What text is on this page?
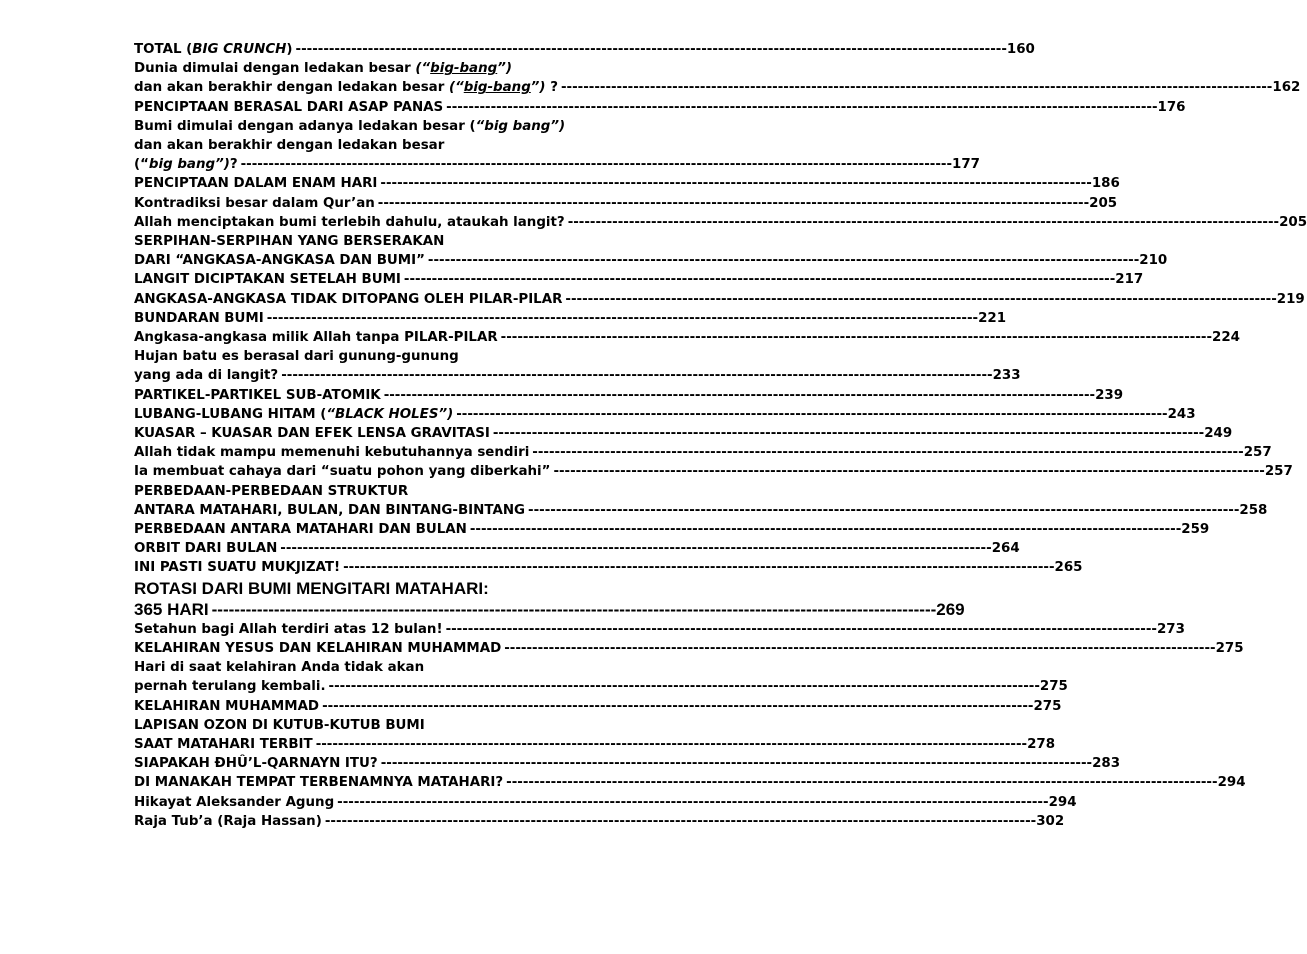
TOTAL (BIG CRUNCH) -----	160
Dunia dimulai dengan ledakan besar (“big-bang”)
dan akan berakhir dengan ledakan besar (“big-bang”) ? -----	162
PENCIPTAAN BERASAL DARI ASAP PANAS -----	176
Bumi dimulai dengan adanya ledakan besar (“big bang”)
dan akan berakhir dengan ledakan besar
(“big bang”)? -----	177
PENCIPTAAN DALAM ENAM HARI -----	186
Kontradiksi besar dalam Qur’an -----	205
Allah menciptakan bumi terlebih dahulu, ataukah langit? -----	205
SERPIHAN-SERPIHAN YANG BERSERAKAN
DARI “ANGKASA-ANGKASA DAN BUMI” -----	210
LANGIT DICIPTAKAN SETELAH BUMI -----	217
ANGKASA-ANGKASA TIDAK DITOPANG OLEH PILAR-PILAR -----	219
BUNDARAN BUMI -----	221
Angkasa-angkasa milik Allah tanpa PILAR-PILAR -----	224
Hujan batu es berasal dari gunung-gunung
yang ada di langit? -----	233
PARTIKEL-PARTIKEL SUB-ATOMIK -----	239
LUBANG-LUBANG HITAM (“BLACK HOLES”) -----	243
KUASAR – KUASAR DAN EFEK LENSA GRAVITASI -----	249
Allah tidak mampu memenuhi kebutuhannya sendiri -----	257
Ia membuat cahaya dari “suatu pohon yang diberkahi” -----	257
PERBEDAAN-PERBEDAAN STRUKTUR
ANTARA MATAHARI, BULAN, DAN BINTANG-BINTANG -----	258
PERBEDAAN ANTARA MATAHARI DAN BULAN -----	259
ORBIT DARI BULAN -----	264
INI PASTI SUATU MUKJIZAT! -----	265
ROTASI DARI BUMI MENGITARI MATAHARI:
365 HARI -----	269
Setahun bagi Allah terdiri atas 12 bulan! -----	273
KELAHIRAN YESUS DAN KELAHIRAN MUHAMMAD -----	275
Hari di saat kelahiran Anda tidak akan
pernah terulang kembali. -----	275
KELAHIRAN MUHAMMAD -----	275
LAPISAN OZON DI KUTUB-KUTUB BUMI
SAAT MATAHARI TERBIT -----	278
SIAPAKAH ĐHÛ’L-QARNAYN ITU? -----	283
DI MANAKAH TEMPAT TERBENAMNYA MATAHARI? -----	294
Hikayat Aleksander Agung -----	294
Raja Tub’a (Raja Hassan) -----	302
